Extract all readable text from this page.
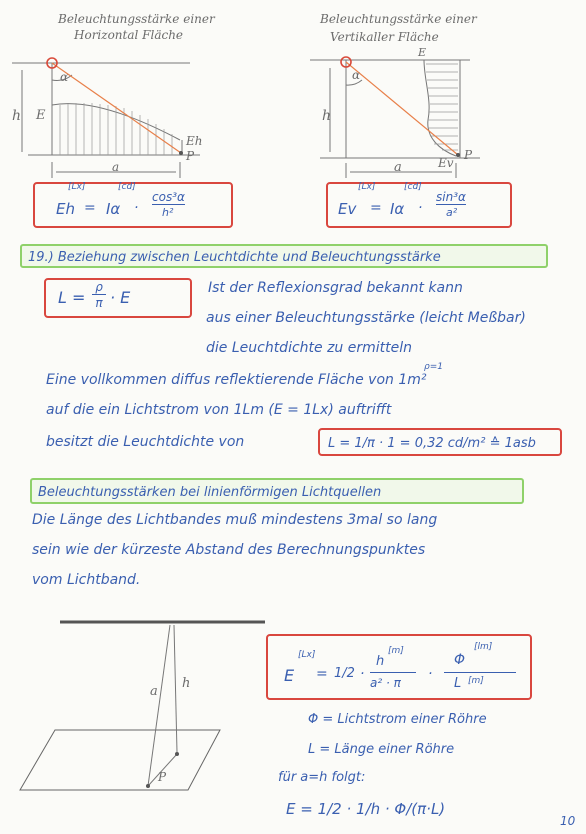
Beleuchtungsstärke einer
Horizontal Fläche
α
h E
Eh
P
a
[Lx]	[cd]
Eh = Iα ·
cos³α
h²
Beleuchtungsstärke einer
Vertikaller Fläche
α
h
E
Ev
P
a
[Lx]	[cd]
Ev = Iα ·
sin³α
a²
19.) Beziehung zwischen Leuchtdichte und Beleuchtungsstärke
L =
ρ
π · E	Ist der Reflexionsgrad bekannt kann
aus einer Beleuchtungsstärke (leicht Meßbar)
die Leuchtdichte zu ermitteln
ρ=1
Eine vollkommen diffus reflektierende Fläche von 1m²
auf die ein Lichtstrom von 1Lm (E = 1Lx) auftrifft
besitzt die Leuchtdichte von	L = 1/π · 1 = 0,32 cd/m² ≙ 1asb
Beleuchtungsstärken bei linienförmigen Lichtquellen
Die Länge des Lichtbandes muß mindestens 3mal so lang
sein wie der kürzeste Abstand des Berechnungspunktes
vom Lichtband.
a
h
P
[Lx]
E = 1/2 ·
h
[m]
a² · π
·
Φ
[lm]
L [m]
Φ = Lichtstrom einer Röhre
L = Länge einer Röhre
für a=h folgt:
E = 1/2 · 1/h · Φ/(π·L)
10
